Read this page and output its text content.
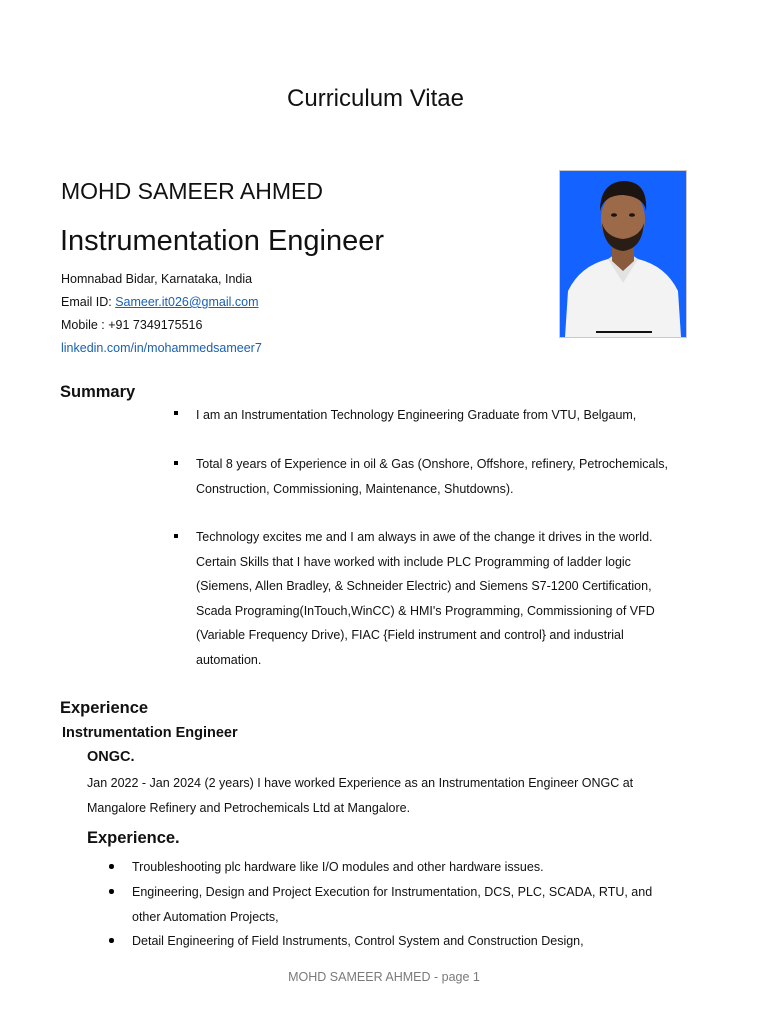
Curriculum Vitae
MOHD SAMEER AHMED
Instrumentation Engineer
Homnabad Bidar, Karnataka, India
Email ID: Sameer.it026@gmail.com
Mobile : +91 7349175516
linkedin.com/in/mohammedsameer7
Summary
I am an Instrumentation Technology Engineering Graduate from VTU, Belgaum,
Total 8 years of Experience in oil & Gas (Onshore, Offshore, refinery, Petrochemicals,
Construction, Commissioning, Maintenance, Shutdowns).
Technology excites me and I am always in awe of the change it drives in the world.
Certain Skills that I have worked with include PLC Programming of ladder logic
(Siemens, Allen Bradley, & Schneider Electric) and Siemens S7-1200 Certification,
Scada Programing(InTouch,WinCC) & HMI's Programming, Commissioning of VFD
(Variable Frequency Drive), FIAC {Field instrument and control} and industrial
automation.
Experience
Instrumentation Engineer
ONGC.
Jan 2022 - Jan 2024 (2 years) I have worked Experience as an Instrumentation Engineer ONGC at
Mangalore Refinery and Petrochemicals Ltd at Mangalore.
Experience.
Troubleshooting plc hardware like I/O modules and other hardware issues.
Engineering, Design and Project Execution for Instrumentation, DCS, PLC, SCADA, RTU, and
other Automation Projects,
Detail Engineering of Field Instruments, Control System and Construction Design,
MOHD SAMEER AHMED - page 1
